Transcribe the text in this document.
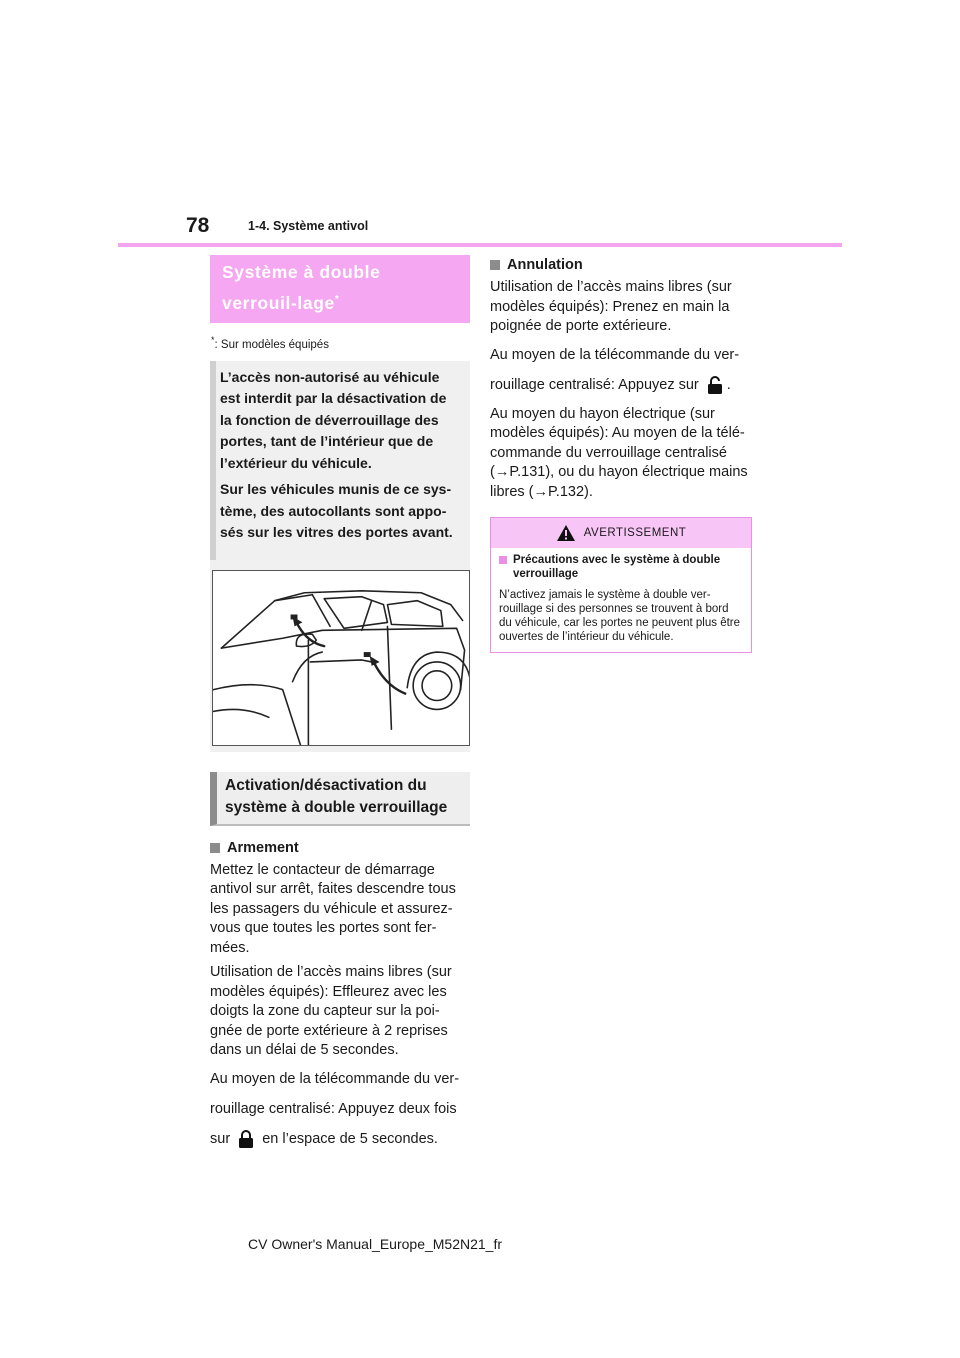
78	1-4. Système antivol
Système à double verrouil-lage*
*: Sur modèles équipés

L’accès non-autorisé au véhicule est interdit par la désactivation de la fonction de déverrouillage des portes, tant de l’intérieur que de l’extérieur du véhicule.

Sur les véhicules munis de ce sys-tème, des autocollants sont appo-sés sur les vitres des portes avant.

Activation/désactivation du système à double verrouillage
Armement

Mettez le contacteur de démarrage antivol sur arrêt, faites descendre tous les passagers du véhicule et assurez-vous que toutes les portes sont fer-mées.

Utilisation de l’accès mains libres (sur modèles équipés): Effleurez avec les doigts la zone du capteur sur la poi-gnée de porte extérieure à 2 reprises dans un délai de 5 secondes.

Au moyen de la télécommande du ver-rouillage centralisé: Appuyez deux fois sur en l’espace de 5 secondes.

Annulation

Utilisation de l’accès mains libres (sur modèles équipés): Prenez en main la poignée de porte extérieure.

Au moyen de la télécommande du ver-rouillage centralisé: Appuyez sur .

Au moyen du hayon électrique (sur modèles équipés): Au moyen de la télé-commande du verrouillage centralisé (→P.131), ou du hayon électrique mains libres (→P.132).

AVERTISSEMENT
Précautions avec le système à double verrouillage

N’activez jamais le système à double ver-rouillage si des personnes se trouvent à bord du véhicule, car les portes ne peuvent plus être ouvertes de l’intérieur du véhicule.

CV Owner's Manual_Europe_M52N21_fr
